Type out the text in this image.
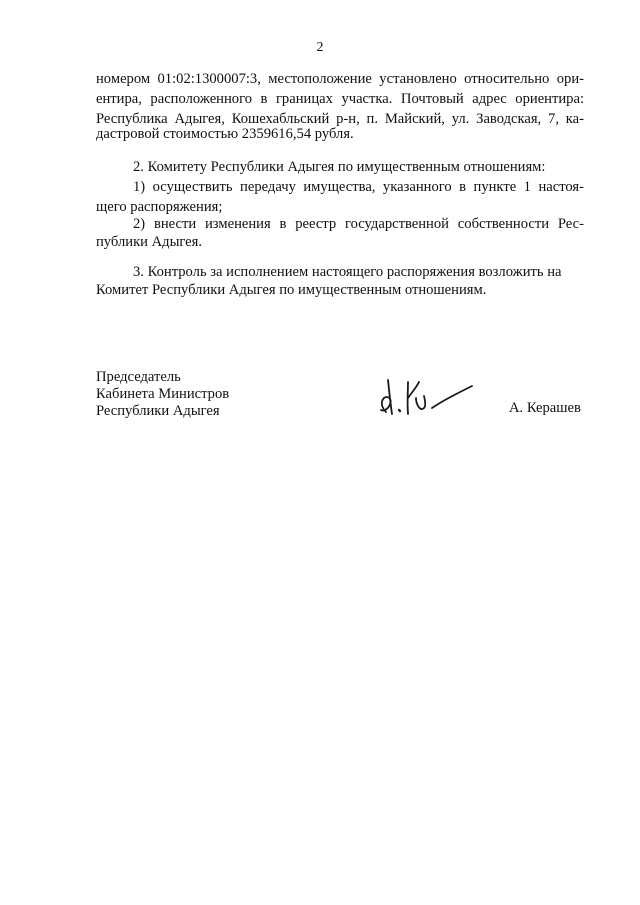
2
номером 01:02:1300007:3, местоположение установлено относительно ори-
ентира, расположенного в границах участка. Почтовый адрес ориентира:
Республика Адыгея, Кошехабльский р-н, п. Майский, ул. Заводская, 7, ка-
дастровой стоимостью 2359616,54 рубля.
2. Комитету Республики Адыгея по имущественным отношениям:
1) осуществить передачу имущества, указанного в пункте 1 настоя-
щего распоряжения;
2) внести изменения в реестр государственной собственности Рес-
публики Адыгея.
3. Контроль за исполнением настоящего распоряжения возложить на
Комитет Республики Адыгея по имущественным отношениям.
Председатель
Кабинета Министров
Республики Адыгея	А. Керашев
